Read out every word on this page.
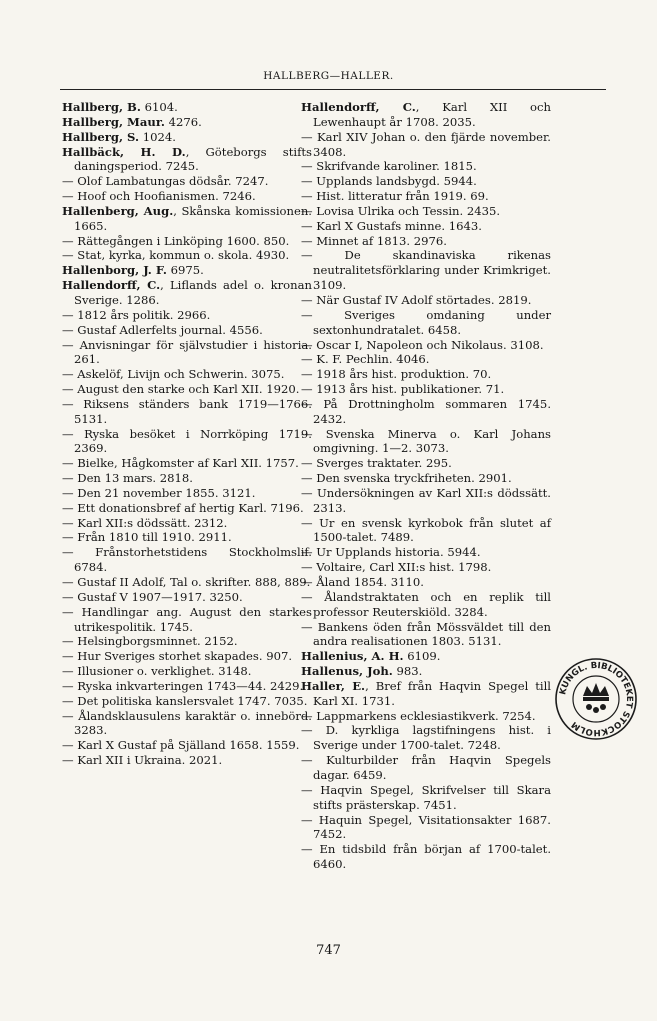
HALLBERG—HALLER.

Hallberg, B. 6104.

Hallberg, Maur. 4276.

Hallberg, S. 1024.

Hallbäck, H. D., Göteborgs stifts daningsperiod. 7245.

— Olof Lambatungas dödsår. 7247.

— Hoof och Hoofianismen. 7246.

Hallenberg, Aug., Skånska komissionen. 1665.

— Rättegången i Linköping 1600. 850.

— Stat, kyrka, kommun o. skola. 4930.

Hallenborg, J. F. 6975.

Hallendorff, C., Liflands adel o. kronan Sverige. 1286.

— 1812 års politik. 2966.

— Gustaf Adlerfelts journal. 4556.

— Anvisningar för självstudier i historia. 261.

— Askelöf, Livijn och Schwerin. 3075.

— August den starke och Karl XII. 1920.

— Riksens ständers bank 1719—1766. 5131.

— Ryska besöket i Norrköping 1719. 2369.

— Bielke, Hågkomster af Karl XII. 1757.

— Den 13 mars. 2818.

— Den 21 november 1855. 3121.

— Ett donationsbref af hertig Karl. 7196.

— Karl XII:s dödssätt. 2312.

— Från 1810 till 1910. 2911.

— Frånstorhetstidens Stockholmslif. 6784.

— Gustaf II Adolf, Tal o. skrifter. 888, 889.

— Gustaf V 1907—1917. 3250.

— Handlingar ang. August den starkes utrikespolitik. 1745.

— Helsingborgsminnet. 2152.

— Hur Sveriges storhet skapades. 907.

— Illusioner o. verklighet. 3148.

— Ryska inkvarteringen 1743—44. 2429.

— Det politiska kanslersvalet 1747. 7035.

— Ålandsklausulens karaktär o. innebörd. 3283.

— Karl X Gustaf på Själland 1658. 1559.

— Karl XII i Ukraina. 2021.

Hallendorff, C., Karl XII och Lewenhaupt år 1708. 2035.

— Karl XIV Johan o. den fjärde november. 3408.

— Skrifvande karoliner. 1815.

— Upplands landsbygd. 5944.

— Hist. litteratur från 1919. 69.

— Lovisa Ulrika och Tessin. 2435.

— Karl X Gustafs minne. 1643.

— Minnet af 1813. 2976.

— De skandinaviska rikenas neutralitetsförklaring under Krimkriget. 3109.

— När Gustaf IV Adolf störtades. 2819.

— Sveriges omdaning under sextonhundratalet. 6458.

— Oscar I, Napoleon och Nikolaus. 3108.

— K. F. Pechlin. 4046.

— 1918 års hist. produktion. 70.

— 1913 års hist. publikationer. 71.

— På Drottningholm sommaren 1745. 2432.

— Svenska Minerva o. Karl Johans omgivning. 1—2. 3073.

— Sverges traktater. 295.

— Den svenska tryckfriheten. 2901.

— Undersökningen av Karl XII:s dödssätt. 2313.

— Ur en svensk kyrkobok från slutet af 1500-talet. 7489.

— Ur Upplands historia. 5944.

— Voltaire, Carl XII:s hist. 1798.

— Åland 1854. 3110.

— Ålandstraktaten och en replik till professor Reuterskiöld. 3284.

— Bankens öden från Mössväldet till den andra realisationen 1803. 5131.

Hallenius, A. H. 6109.

Hallenus, Joh. 983.

Haller, E., Bref från Haqvin Spegel till Karl XI. 1731.

— Lappmarkens ecklesiastikverk. 7254.

— D. kyrkliga lagstifningens hist. i Sverige under 1700-talet. 7248.

— Kulturbilder från Haqvin Spegels dagar. 6459.

— Haqvin Spegel, Skrifvelser till Skara stifts prästerskap. 7451.

— Haquin Spegel, Visitationsakter 1687. 7452.

— En tidsbild från början af 1700-talet. 6460.

KUNGL. BIBLIOTEKET STOCKHOLM
747
